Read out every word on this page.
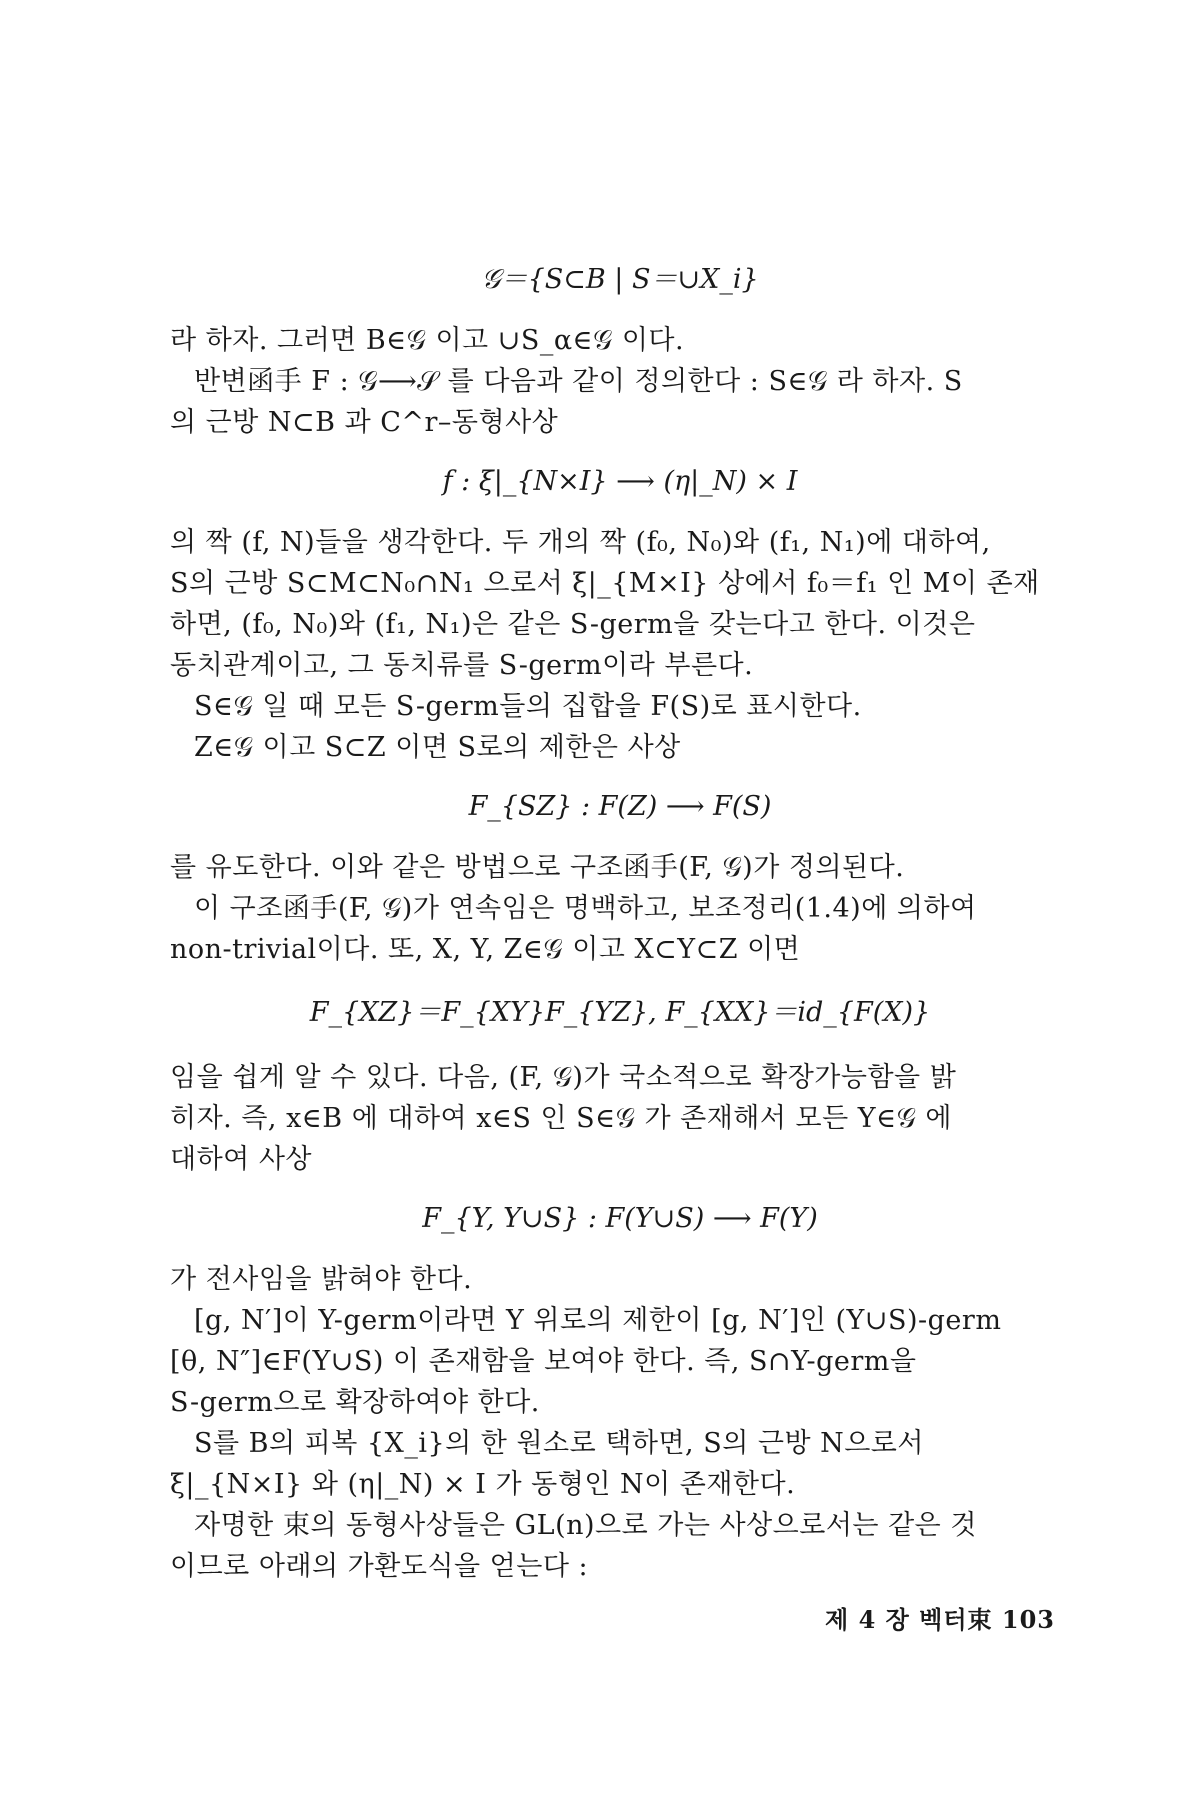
𝒢＝{S⊂B | S＝∪X_i}
라 하자. 그러면 B∈𝒢 이고 ∪S_α∈𝒢 이다.
반변函手 F : 𝒢⟶𝒮 를 다음과 같이 정의한다 : S∈𝒢 라 하자. S
의 근방 N⊂B 과 C^r–동형사상
f : ξ|_{N×I} ⟶ (η|_N) × I
의 짝 (f, N)들을 생각한다. 두 개의 짝 (f₀, N₀)와 (f₁, N₁)에 대하여,
S의 근방 S⊂M⊂N₀∩N₁ 으로서 ξ|_{M×I} 상에서 f₀＝f₁ 인 M이 존재
하면, (f₀, N₀)와 (f₁, N₁)은 같은 S-germ을 갖는다고 한다. 이것은
동치관계이고, 그 동치류를 S-germ이라 부른다.
S∈𝒢 일 때 모든 S-germ들의 집합을 F(S)로 표시한다.
Z∈𝒢 이고 S⊂Z 이면 S로의 제한은 사상
F_{SZ} : F(Z) ⟶ F(S)
를 유도한다. 이와 같은 방법으로 구조函手(F, 𝒢)가 정의된다.
이 구조函手(F, 𝒢)가 연속임은 명백하고, 보조정리(1.4)에 의하여
non-trivial이다. 또, X, Y, Z∈𝒢 이고 X⊂Y⊂Z 이면
F_{XZ}＝F_{XY}F_{YZ}, F_{XX}＝id_{F(X)}
임을 쉽게 알 수 있다. 다음, (F, 𝒢)가 국소적으로 확장가능함을 밝
히자. 즉, x∈B 에 대하여 x∈S 인 S∈𝒢 가 존재해서 모든 Y∈𝒢 에
대하여 사상
F_{Y, Y∪S} : F(Y∪S) ⟶ F(Y)
가 전사임을 밝혀야 한다.
[g, N′]이 Y-germ이라면 Y 위로의 제한이 [g, N′]인 (Y∪S)-germ
[θ, N″]∈F(Y∪S) 이 존재함을 보여야 한다. 즉, S∩Y-germ을
S-germ으로 확장하여야 한다.
S를 B의 피복 {X_i}의 한 원소로 택하면, S의 근방 N으로서
ξ|_{N×I} 와 (η|_N) × I 가 동형인 N이 존재한다.
자명한 束의 동형사상들은 GL(n)으로 가는 사상으로서는 같은 것
이므로 아래의 가환도식을 얻는다 :
제 4 장 벡터束 103
